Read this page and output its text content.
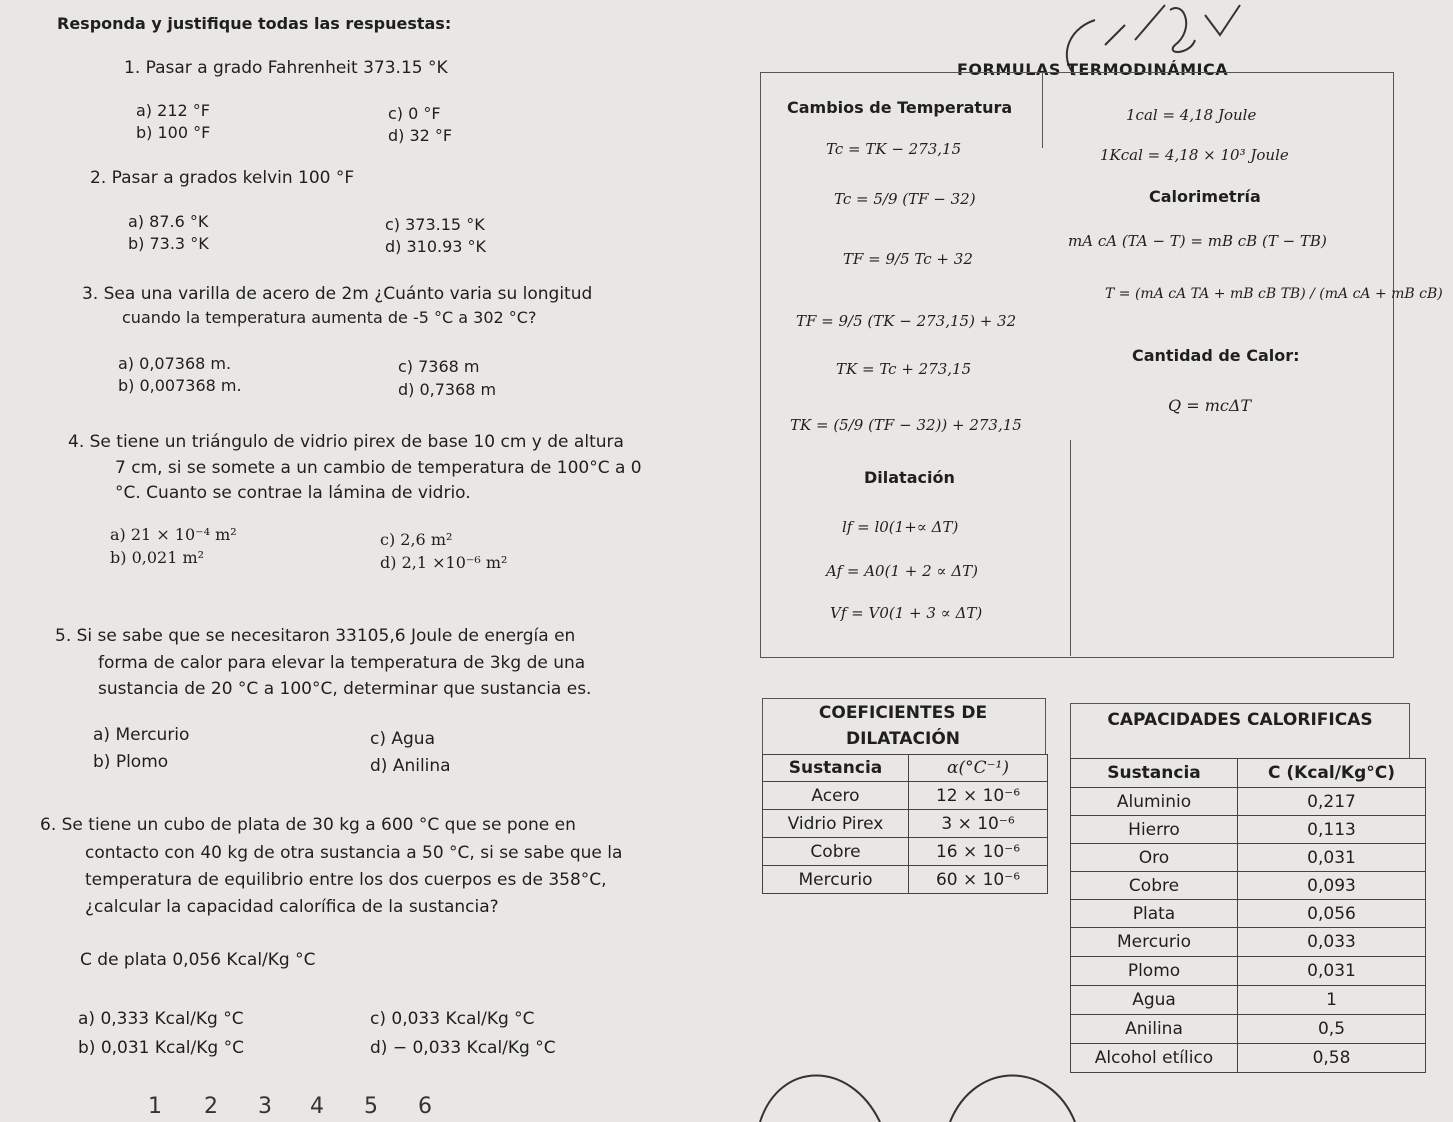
Responda y justifique todas las respuestas:
1. Pasar a grado Fahrenheit 373.15 °K
a) 212 °F
b) 100 °F
c) 0 °F
d) 32 °F
2. Pasar a grados kelvin 100 °F
a) 87.6 °K
b) 73.3 °K
c) 373.15 °K
d) 310.93 °K
3. Sea una varilla de acero de 2m ¿Cuánto varia su longitud
cuando la temperatura aumenta de -5 °C a 302 °C?
a) 0,07368 m.
b) 0,007368 m.
c) 7368 m
d) 0,7368 m
4. Se tiene un triángulo de vidrio pirex de base 10 cm y de altura
7 cm, si se somete a un cambio de temperatura de 100°C a 0
°C. Cuanto se contrae la lámina de vidrio.
a) 21 × 10⁻⁴ m²
b) 0,021 m²
c) 2,6 m²
d) 2,1 ×10⁻⁶ m²
5. Si se sabe que se necesitaron 33105,6 Joule de energía en
forma de calor para elevar la temperatura de 3kg de una
sustancia de 20 °C a 100°C, determinar que sustancia es.
a) Mercurio
b) Plomo
c) Agua
d) Anilina
6. Se tiene un cubo de plata de 30 kg a 600 °C que se pone en
contacto con 40 kg de otra sustancia a 50 °C, si se sabe que la
temperatura de equilibrio entre los dos cuerpos es de 358°C,
¿calcular la capacidad calorífica de la sustancia?
C de plata 0,056 Kcal/Kg °C
a) 0,333 Kcal/Kg °C
b) 0,031 Kcal/Kg °C
c) 0,033 Kcal/Kg °C
d) − 0,033 Kcal/Kg °C
1 2 3 4 5 6
FORMULAS TERMODINÁMICA
Cambios de Temperatura
Tc = TK − 273,15
Tc = 5/9 (TF − 32)
TF = 9/5 Tc + 32
TF = 9/5 (TK − 273,15) + 32
TK = Tc + 273,15
TK = (5/9 (TF − 32)) + 273,15
Dilatación
lf = l0(1+∝ ΔT)
Af = A0(1 + 2 ∝ ΔT)
Vf = V0(1 + 3 ∝ ΔT)
1cal = 4,18 Joule
1Kcal = 4,18 × 10³ Joule
Calorimetría
mA cA (TA − T) = mB cB (T − TB)
T = (mA cA TA + mB cB TB) / (mA cA + mB cB)
Cantidad de Calor:
Q = mcΔT
COEFICIENTES DE
DILATACIÓN
Sustancia	α(°C⁻¹)
Acero	12 × 10⁻⁶
Vidrio Pirex	3 × 10⁻⁶
Cobre	16 × 10⁻⁶
Mercurio	60 × 10⁻⁶
CAPACIDADES CALORIFICAS
Sustancia	C (Kcal/Kg°C)
Aluminio	0,217
Hierro	0,113
Oro	0,031
Cobre	0,093
Plata	0,056
Mercurio	0,033
Plomo	0,031
Agua	1
Anilina	0,5
Alcohol etílico	0,58
